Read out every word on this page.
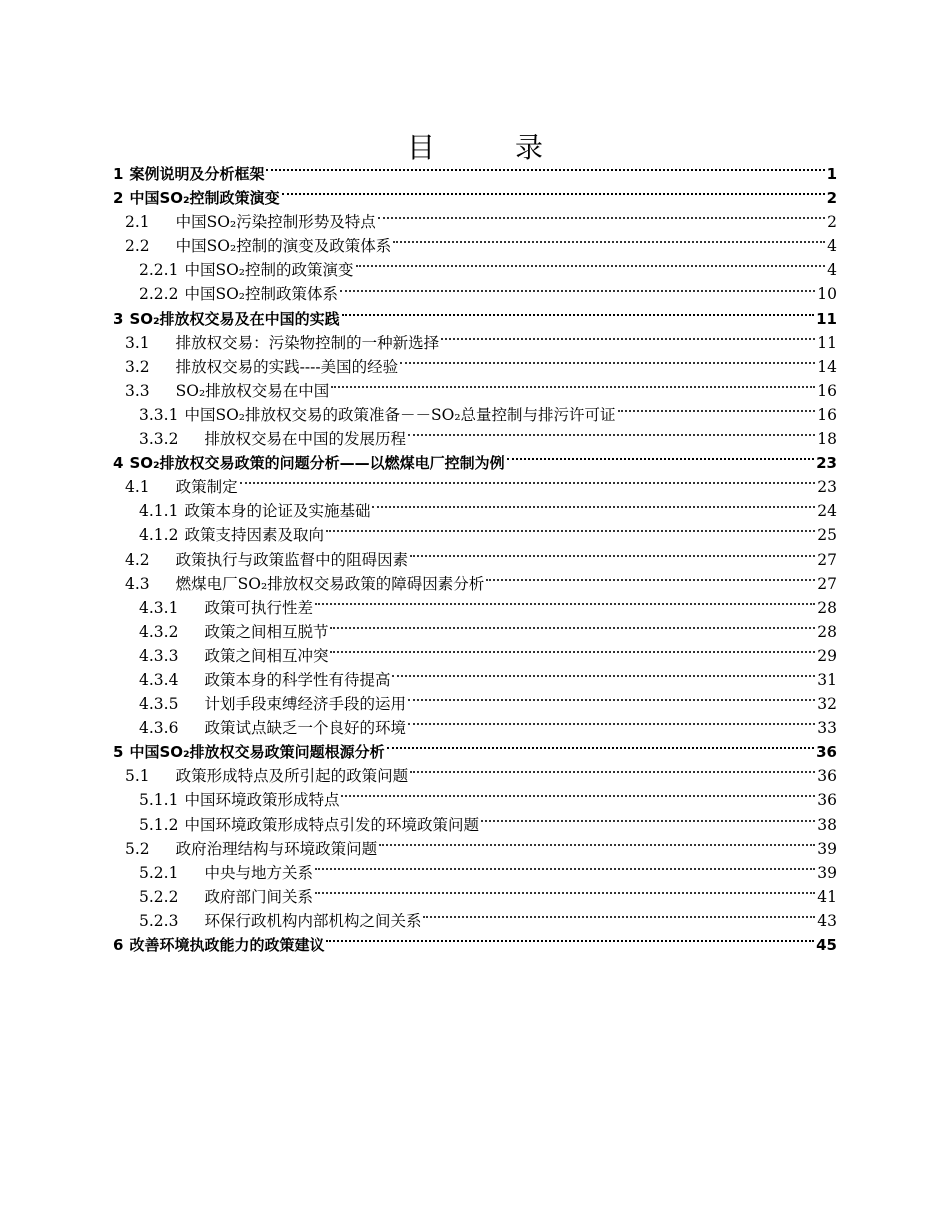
目　录
1 案例说明及分析框架	1
2 中国SO₂控制政策演变	2
2.1	中国SO₂污染控制形势及特点	2
2.2	中国SO₂控制的演变及政策体系	4
2.2.1 中国SO₂控制的政策演变	4
2.2.2 中国SO₂控制政策体系	10
3 SO₂排放权交易及在中国的实践	11
3.1	排放权交易：污染物控制的一种新选择	11
3.2	排放权交易的实践----美国的经验	14
3.3	SO₂排放权交易在中国	16
3.3.1 中国SO₂排放权交易的政策准备－－SO₂总量控制与排污许可证	16
3.3.2	排放权交易在中国的发展历程	18
4 SO₂排放权交易政策的问题分析——以燃煤电厂控制为例	23
4.1	政策制定	23
4.1.1 政策本身的论证及实施基础	24
4.1.2 政策支持因素及取向	25
4.2	政策执行与政策监督中的阻碍因素	27
4.3	燃煤电厂SO₂排放权交易政策的障碍因素分析	27
4.3.1	政策可执行性差	28
4.3.2	政策之间相互脱节	28
4.3.3	政策之间相互冲突	29
4.3.4	政策本身的科学性有待提高	31
4.3.5	计划手段束缚经济手段的运用	32
4.3.6	政策试点缺乏一个良好的环境	33
5 中国SO₂排放权交易政策问题根源分析	36
5.1	政策形成特点及所引起的政策问题	36
5.1.1 中国环境政策形成特点	36
5.1.2 中国环境政策形成特点引发的环境政策问题	38
5.2	政府治理结构与环境政策问题	39
5.2.1	中央与地方关系	39
5.2.2	政府部门间关系	41
5.2.3	环保行政机构内部机构之间关系	43
6 改善环境执政能力的政策建议	45
